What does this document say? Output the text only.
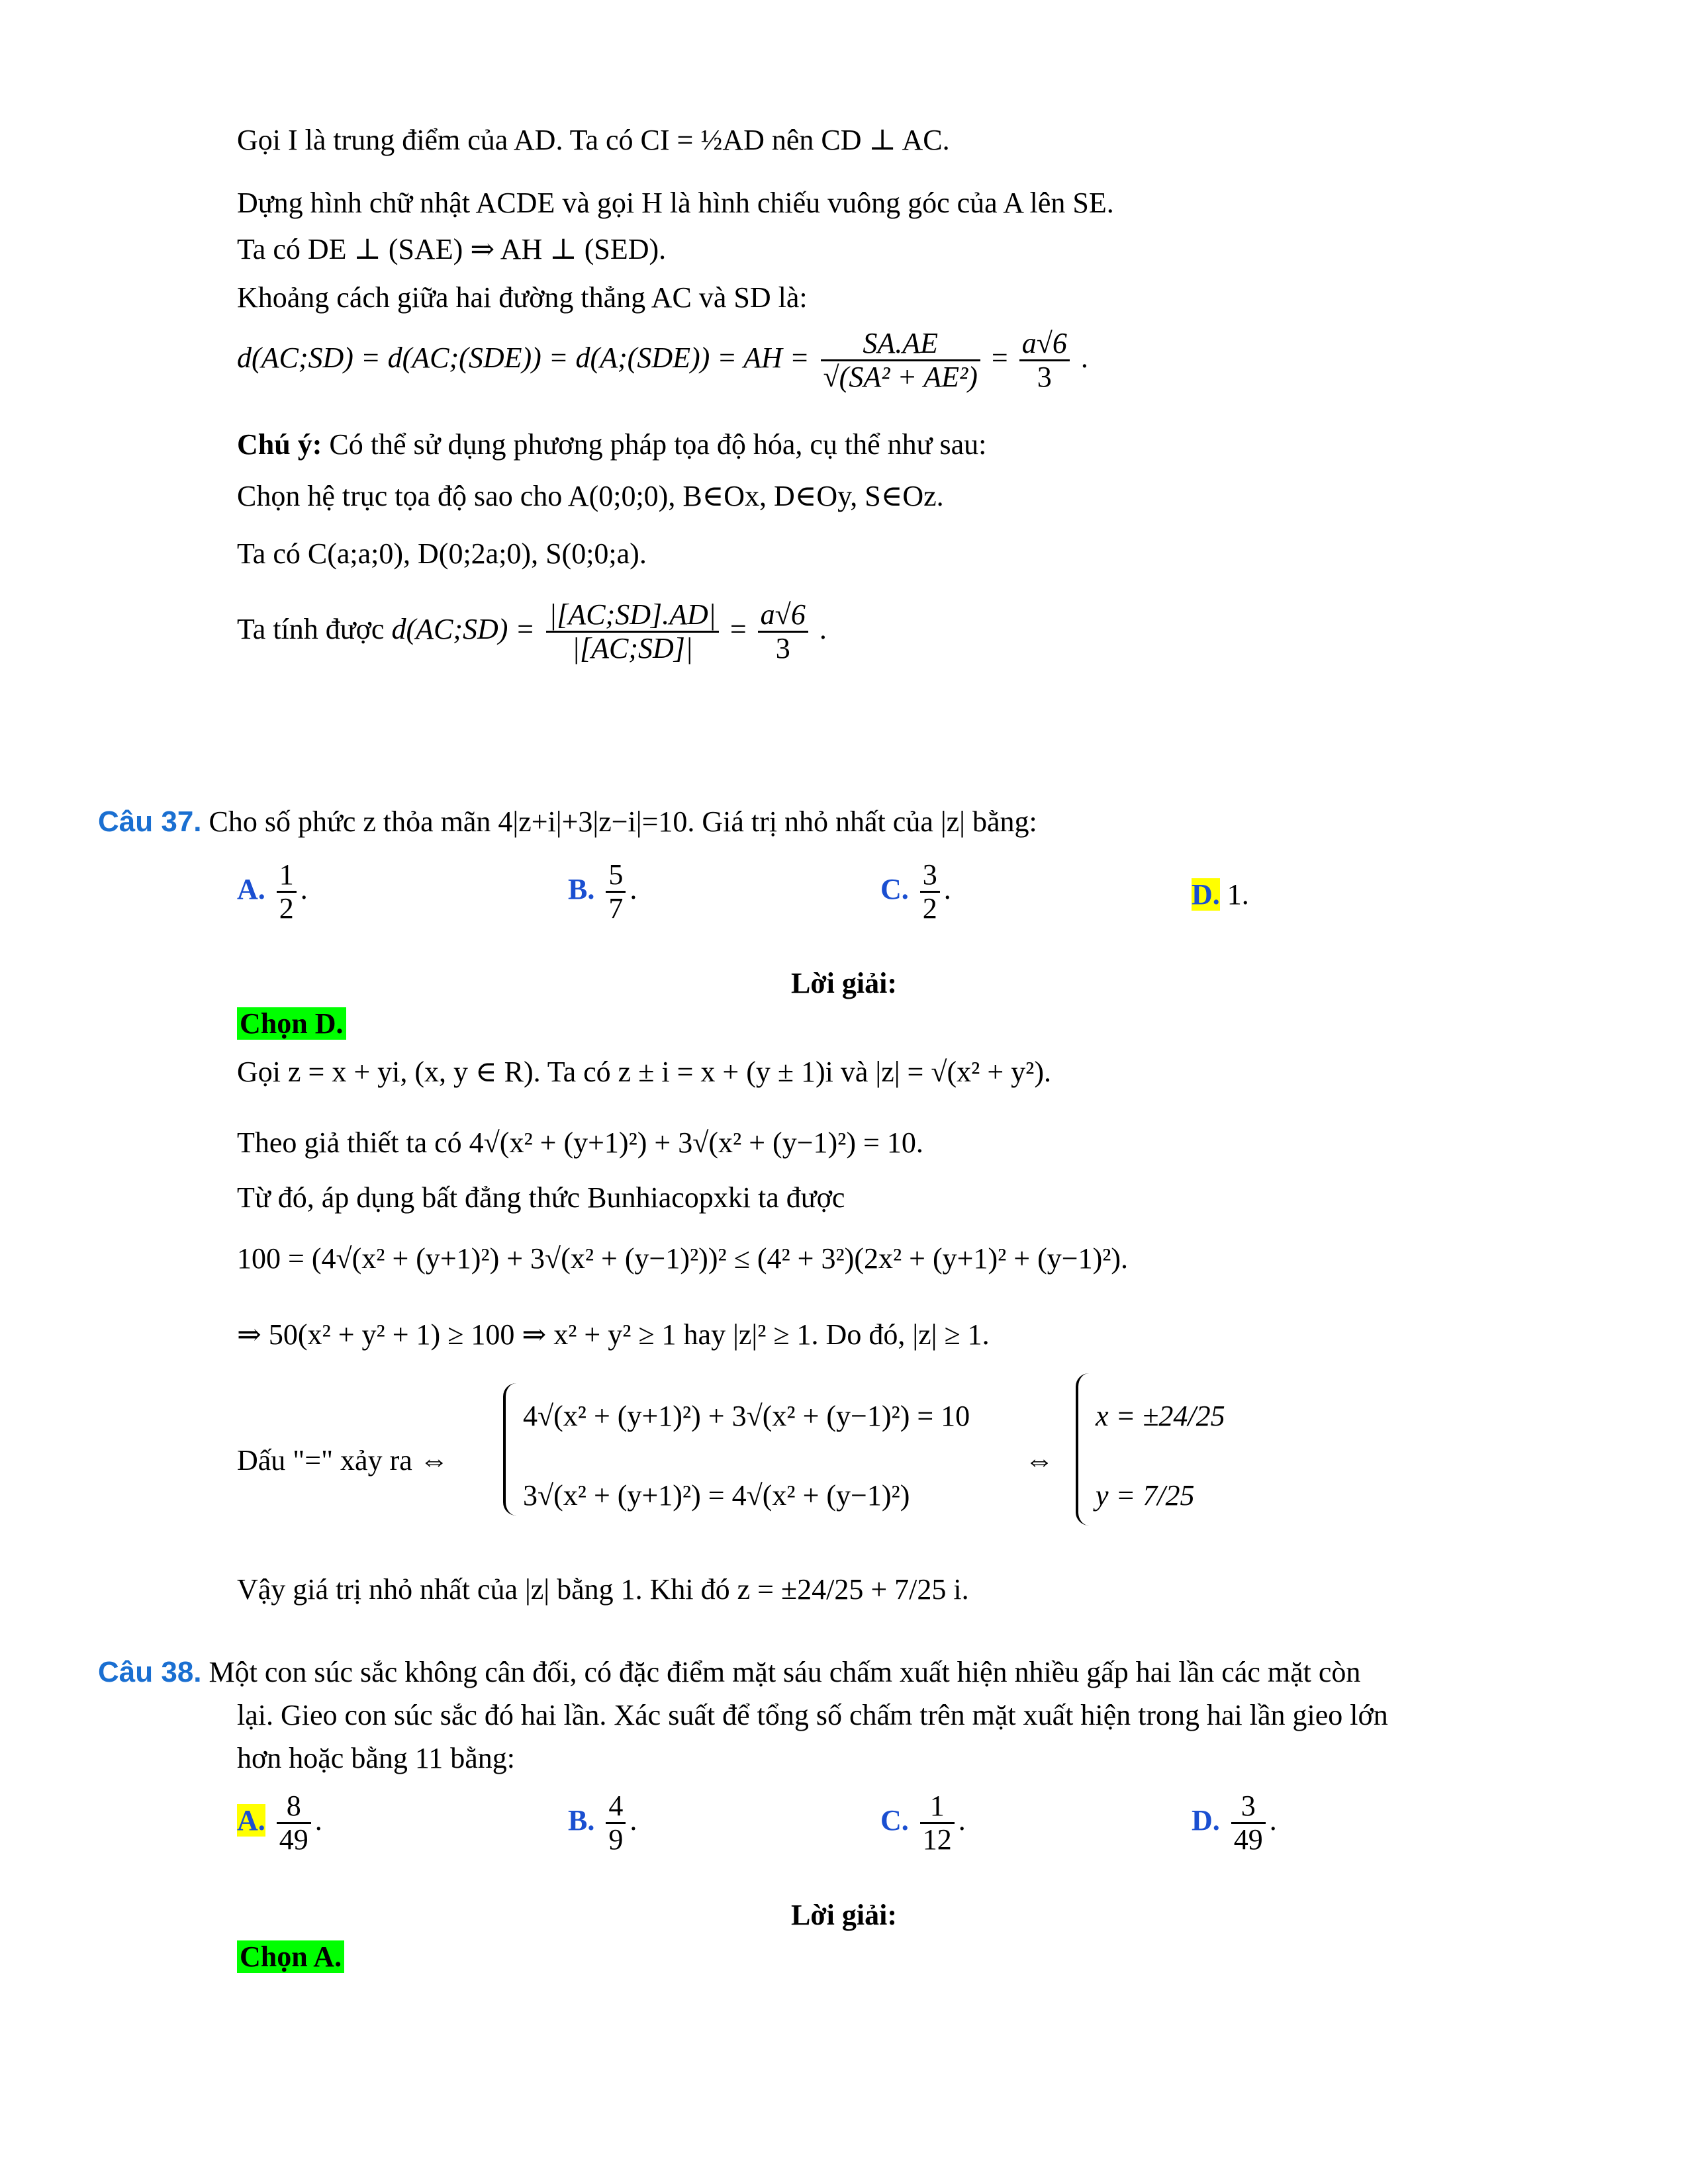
Gọi I là trung điểm của AD. Ta có CI = ½AD nên CD ⊥ AC.
Dựng hình chữ nhật ACDE và gọi H là hình chiếu vuông góc của A lên SE.
Ta có DE ⊥ (SAE) ⇒ AH ⊥ (SED).
Khoảng cách giữa hai đường thẳng AC và SD là:
d(AC;SD) = d(AC;(SDE)) = d(A;(SDE)) = AH = $\frac{SA.AE}{\text{√(SA² + AE²)}} = \frac{a√6}{3}$ .
Chú ý: Có thể sử dụng phương pháp tọa độ hóa, cụ thể như sau:
Chọn hệ trục tọa độ sao cho A(0;0;0), B∈Ox, D∈Oy, S∈Oz.
Ta có C(a;a;0), D(0;2a;0), S(0;0;a).
Ta tính được d(AC;SD) = $\frac{|[AC;SD].AD|}{|[AC;SD]|} = \frac{a√6}{3}$ .
Câu 37. Cho số phức z thỏa mãn 4|z+i|+3|z−i|=10. Giá trị nhỏ nhất của |z| bằng:
A. $\frac{1}{2}$ .	B. $\frac{5}{7}$ .	C. $\frac{3}{2}$ .	D. 1.
Lời giải:
Chọn D.
Gọi z = x + yi, (x, y ∈ R). Ta có z ± i = x + (y ± 1)i và |z| = √(x² + y²).
Theo giả thiết ta có 4√(x² + (y+1)²) + 3√(x² + (y−1)²) = 10.
Từ đó, áp dụng bất đẳng thức Bunhiacopxki ta được
100 = (4√(x² + (y+1)²) + 3√(x² + (y−1)²))² ≤ (4² + 3²)(2x² + (y+1)² + (y−1)²).
⇒ 50(x² + y² + 1) ≥ 100 ⇒ x² + y² ≥ 1 hay |z|² ≥ 1. Do đó, |z| ≥ 1.
Dấu "=" xảy ra ⇔
4√(x² + (y+1)²) + 3√(x² + (y−1)²) = 10
3√(x² + (y+1)²) = 4√(x² + (y−1)²)
⇔
x = ±24/25
y = 7/25
Vậy giá trị nhỏ nhất của |z| bằng 1. Khi đó z = ±24/25 + 7/25 i.
Câu 38. Một con súc sắc không cân đối, có đặc điểm mặt sáu chấm xuất hiện nhiều gấp hai lần các mặt còn
lại. Gieo con súc sắc đó hai lần. Xác suất để tổng số chấm trên mặt xuất hiện trong hai lần gieo lớn
hơn hoặc bằng 11 bằng:
A. $\frac{8}{49}$ .	B. $\frac{4}{9}$ .	C. $\frac{1}{12}$ .	D. $\frac{3}{49}$ .
Lời giải:
Chọn A.
